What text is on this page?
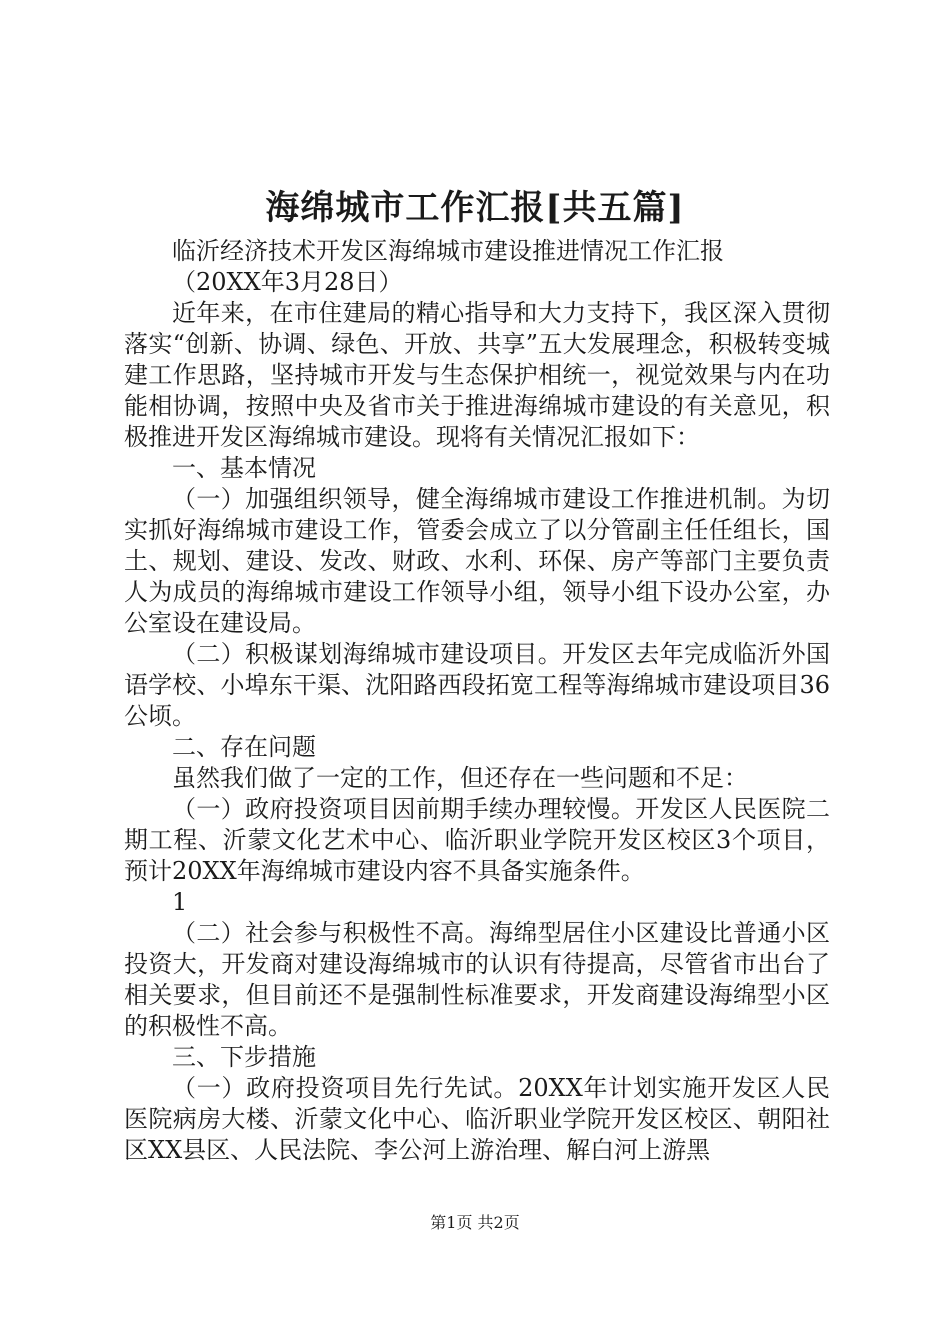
海绵城市工作汇报[共五篇]

临沂经济技术开发区海绵城市建设推进情况工作汇报

（20XX年3月28日）

近年来，在市住建局的精心指导和大力支持下，我区深入贯彻落实“创新、协调、绿色、开放、共享”五大发展理念，积极转变城建工作思路，坚持城市开发与生态保护相统一，视觉效果与内在功能相协调，按照中央及省市关于推进海绵城市建设的有关意见，积极推进开发区海绵城市建设。现将有关情况汇报如下：

一、基本情况

（一）加强组织领导，健全海绵城市建设工作推进机制。为切实抓好海绵城市建设工作，管委会成立了以分管副主任任组长，国土、规划、建设、发改、财政、水利、环保、房产等部门主要负责人为成员的海绵城市建设工作领导小组，领导小组下设办公室，办公室设在建设局。

（二）积极谋划海绵城市建设项目。开发区去年完成临沂外国语学校、小埠东干渠、沈阳路西段拓宽工程等海绵城市建设项目36公顷。

二、存在问题

虽然我们做了一定的工作，但还存在一些问题和不足：

（一）政府投资项目因前期手续办理较慢。开发区人民医院二期工程、沂蒙文化艺术中心、临沂职业学院开发区校区3个项目，预计20XX年海绵城市建设内容不具备实施条件。

1

（二）社会参与积极性不高。海绵型居住小区建设比普通小区投资大，开发商对建设海绵城市的认识有待提高，尽管省市出台了相关要求，但目前还不是强制性标准要求，开发商建设海绵型小区的积极性不高。

三、下步措施

（一）政府投资项目先行先试。20XX年计划实施开发区人民医院病房大楼、沂蒙文化中心、临沂职业学院开发区校区、朝阳社区XX县区、人民法院、李公河上游治理、解白河上游黑

第1页 共2页
